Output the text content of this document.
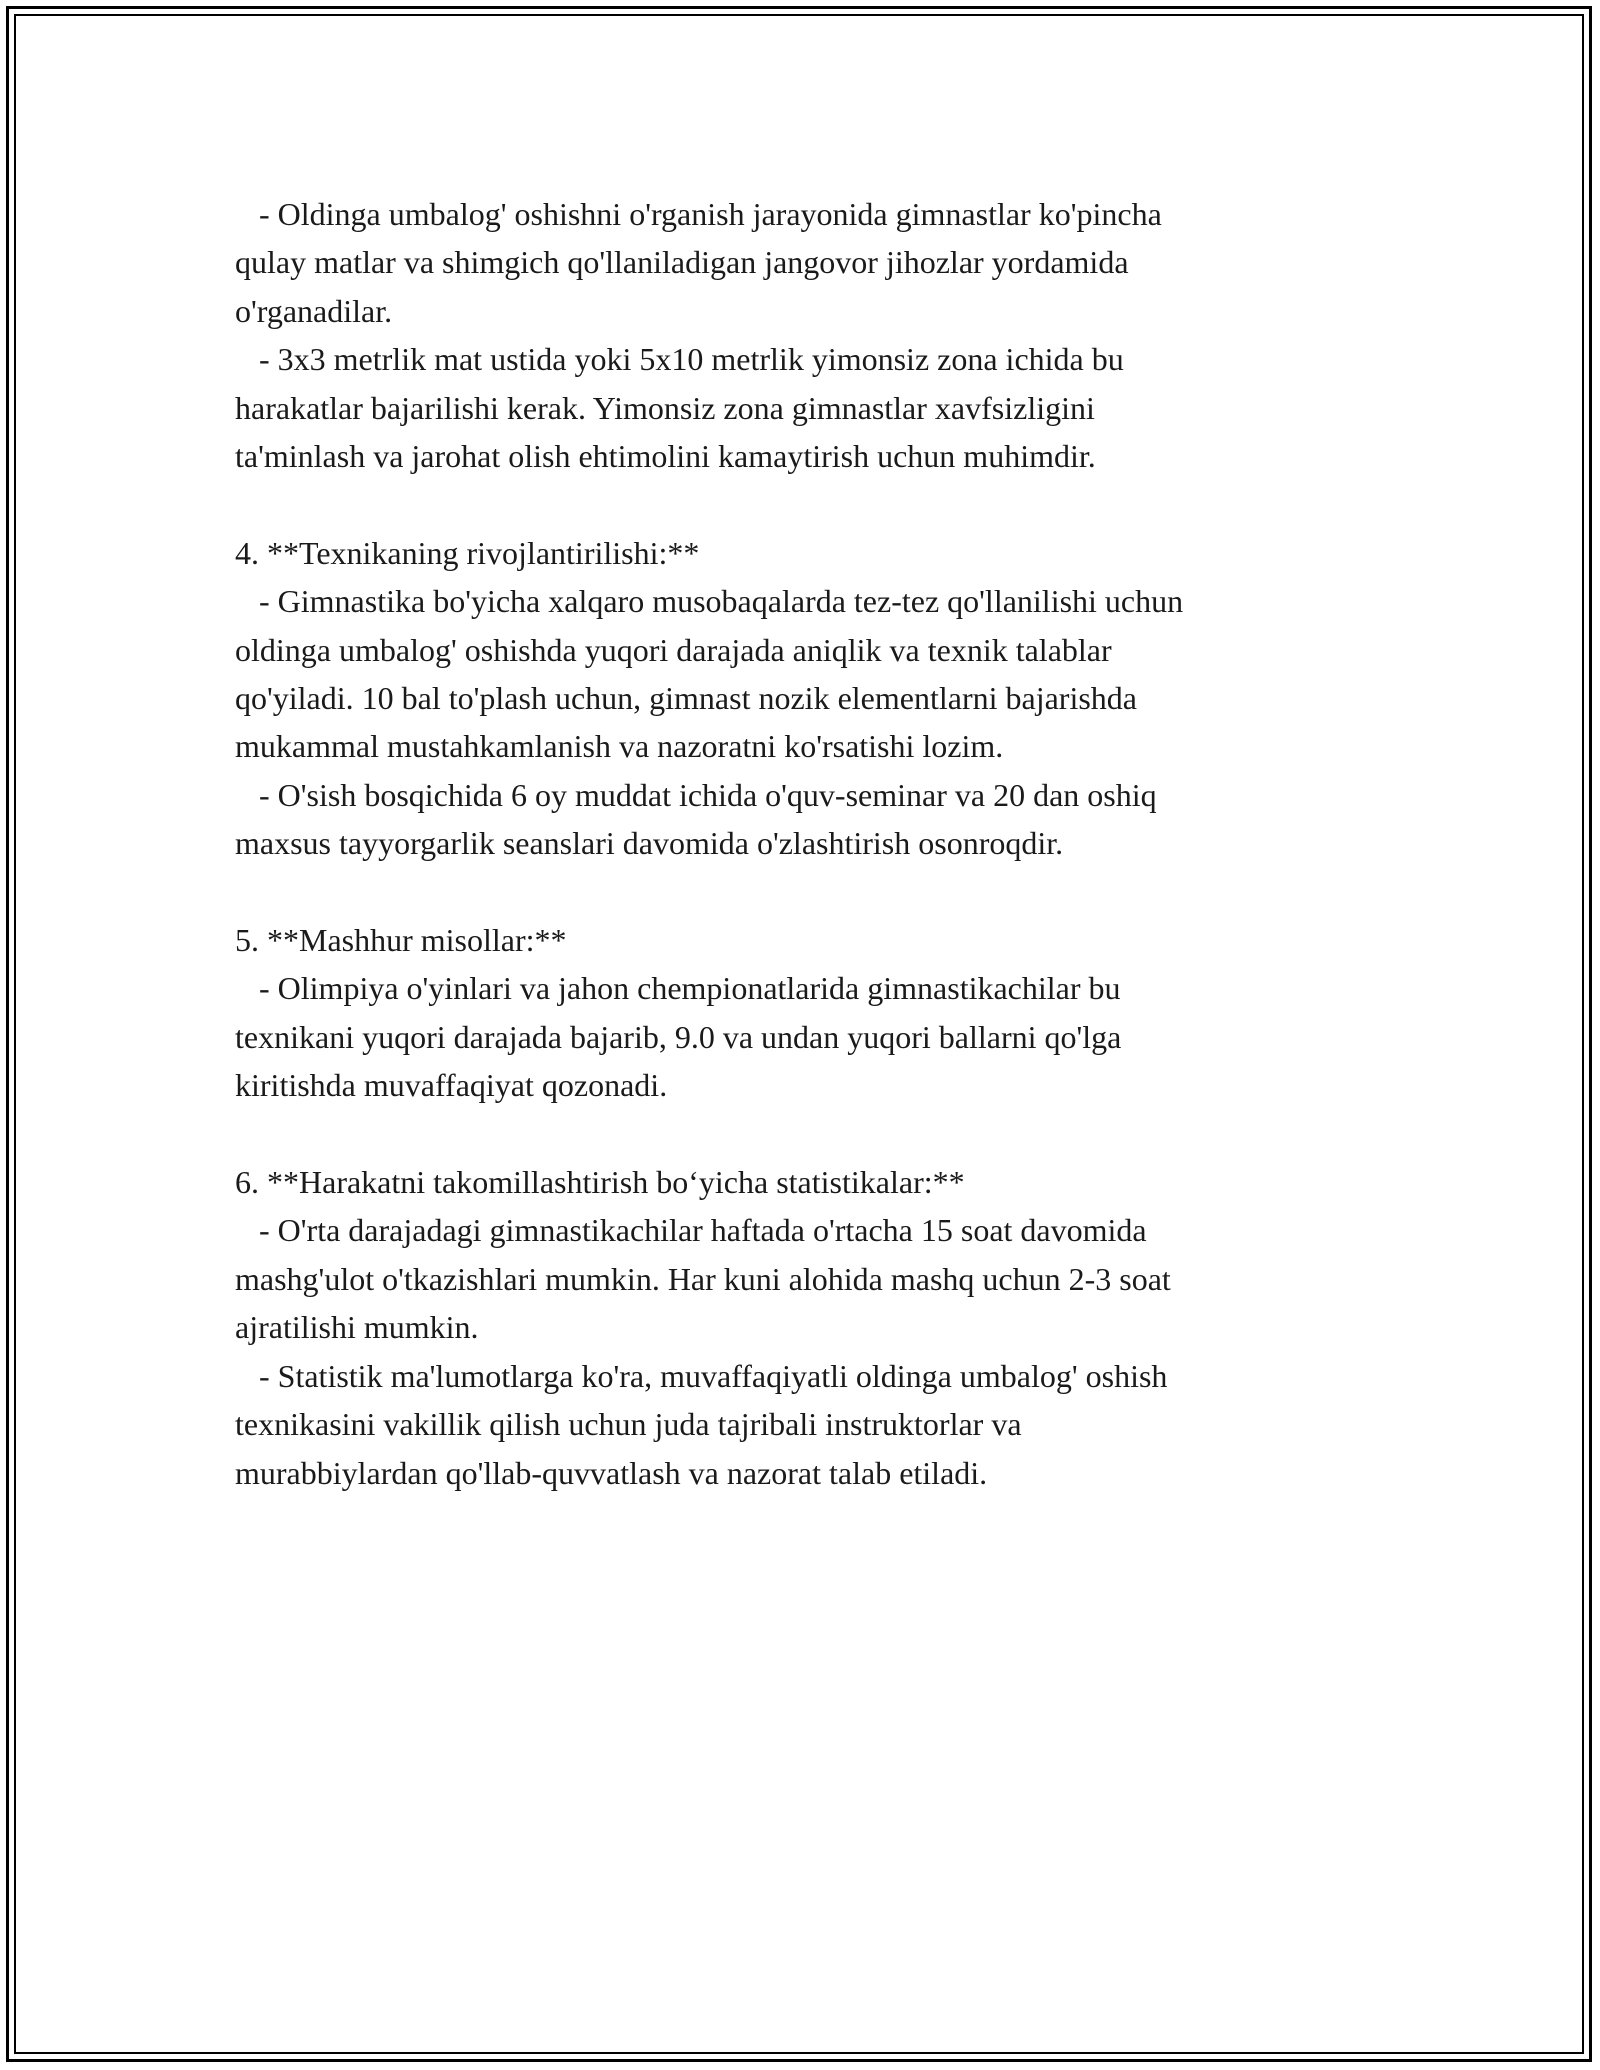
- Oldinga umbalog' oshishni o'rganish jarayonida gimnastlar ko'pincha
qulay matlar va shimgich qo'llaniladigan jangovor jihozlar yordamida
o'rganadilar.
- 3x3 metrlik mat ustida yoki 5x10 metrlik yimonsiz zona ichida bu
harakatlar bajarilishi kerak. Yimonsiz zona gimnastlar xavfsizligini
ta'minlash va jarohat olish ehtimolini kamaytirish uchun muhimdir.
4. **Texnikaning rivojlantirilishi:**
- Gimnastika bo'yicha xalqaro musobaqalarda tez-tez qo'llanilishi uchun
oldinga umbalog' oshishda yuqori darajada aniqlik va texnik talablar
qo'yiladi. 10 bal to'plash uchun, gimnast nozik elementlarni bajarishda
mukammal mustahkamlanish va nazoratni ko'rsatishi lozim.
- O'sish bosqichida 6 oy muddat ichida o'quv-seminar va 20 dan oshiq
maxsus tayyorgarlik seanslari davomida o'zlashtirish osonroqdir.
5. **Mashhur misollar:**
- Olimpiya o'yinlari va jahon chempionatlarida gimnastikachilar bu
texnikani yuqori darajada bajarib, 9.0 va undan yuqori ballarni qo'lga
kiritishda muvaffaqiyat qozonadi.
6. **Harakatni takomillashtirish bo‘yicha statistikalar:**
- O'rta darajadagi gimnastikachilar haftada o'rtacha 15 soat davomida
mashg'ulot o'tkazishlari mumkin. Har kuni alohida mashq uchun 2-3 soat
ajratilishi mumkin.
- Statistik ma'lumotlarga ko'ra, muvaffaqiyatli oldinga umbalog' oshish
texnikasini vakillik qilish uchun juda tajribali instruktorlar va
murabbiylardan qo'llab-quvvatlash va nazorat talab etiladi.
